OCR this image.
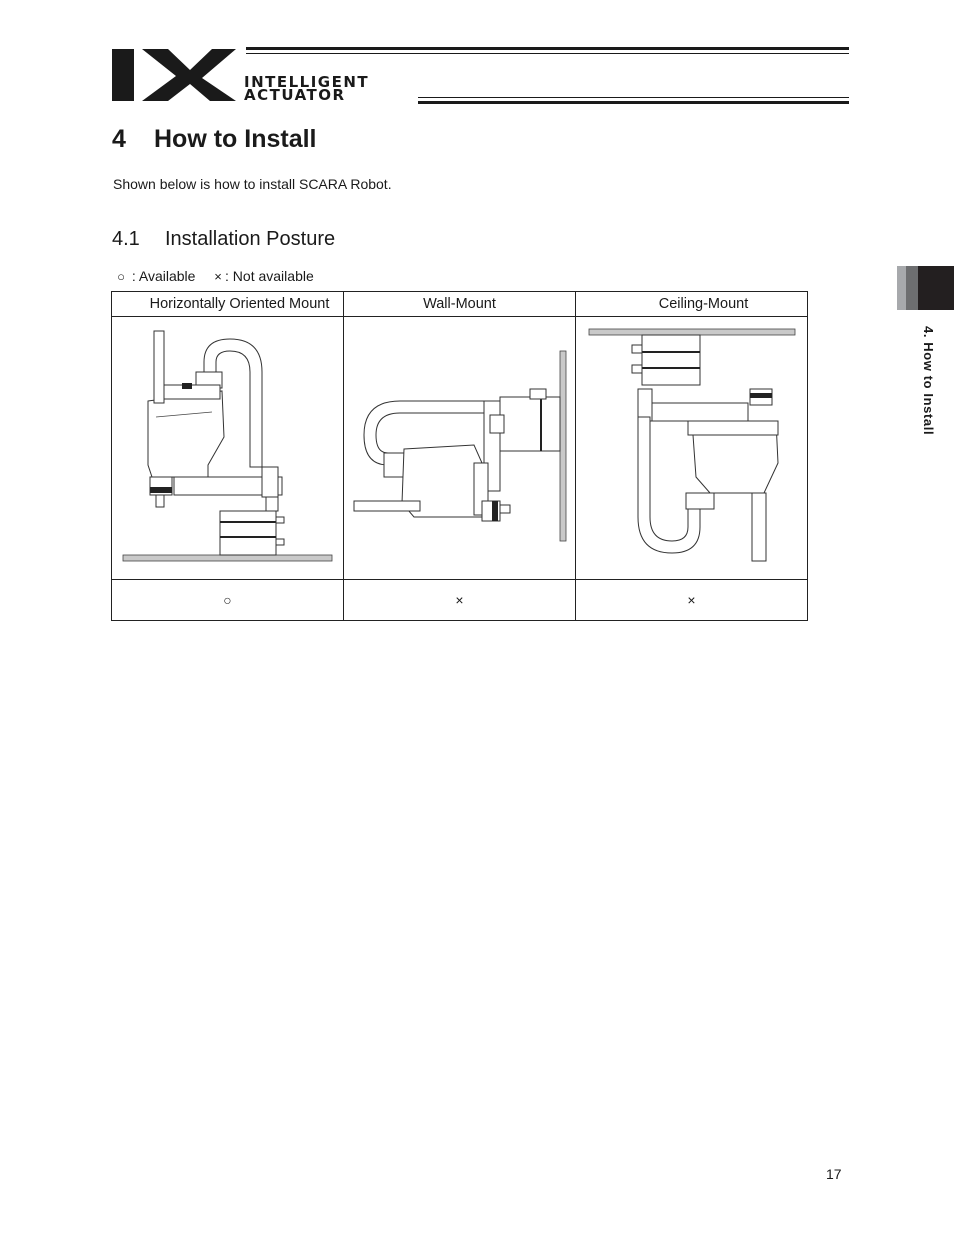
INTELLIGENT
ACTUATOR
4 How to Install

Shown below is how to install SCARA Robot.

4.1 Installation Posture
○ : Available × : Not available
Horizontally Oriented Mount	Wall-Mount	Ceiling-Mount

○	×	×
4. How to Install
17
